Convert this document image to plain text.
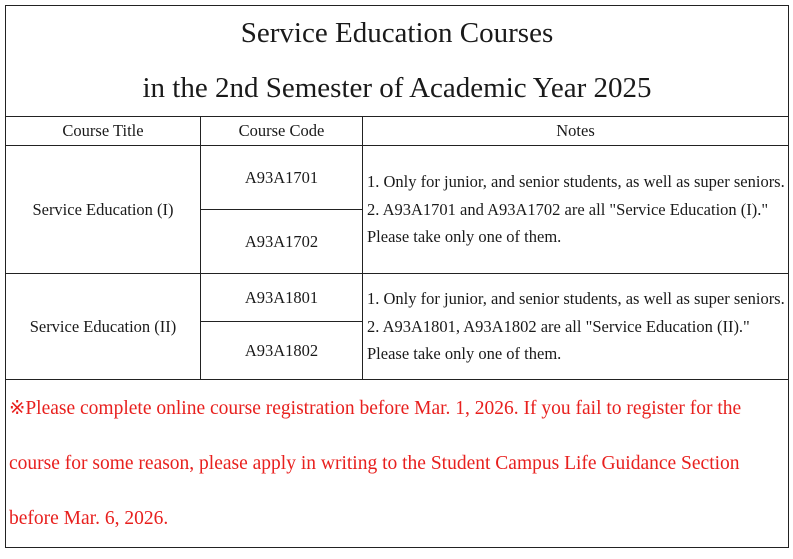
Service Education Courses
in the 2nd Semester of Academic Year 2025		

Course Title	Course Code	Notes
Service Education (I)	A93A1701	1. Only for junior, and senior students, as well as super seniors.
2. A93A1701 and A93A1702 are all "Service Education (I)." Please take only one of them.

	A93A1702	
Service Education (II)	A93A1801	1. Only for junior, and senior students, as well as super seniors.
2. A93A1801, A93A1802 are all "Service Education (II)." Please take only one of them.

	A93A1802	
※Please complete online course registration before Mar. 1, 2026. If you fail to register for the course for some reason, please apply in writing to the Student Campus Life Guidance Section before Mar. 6, 2026.		
